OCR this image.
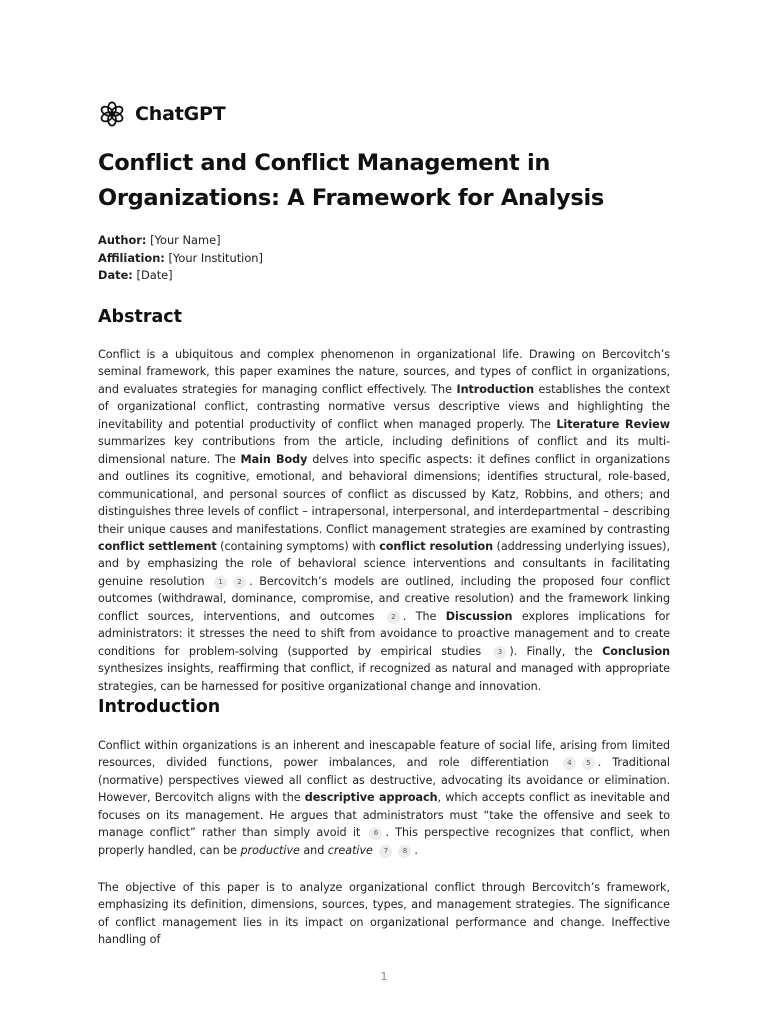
ChatGPT
Conflict and Conflict Management in Organizations: A Framework for Analysis
Author: [Your Name]
Affiliation: [Your Institution]
Date: [Date]
Abstract

Conflict is a ubiquitous and complex phenomenon in organizational life. Drawing on Bercovitch’s seminal framework, this paper examines the nature, sources, and types of conflict in organizations, and evaluates strategies for managing conflict effectively. The Introduction establishes the context of organizational conflict, contrasting normative versus descriptive views and highlighting the inevitability and potential productivity of conflict when managed properly. The Literature Review summarizes key contributions from the article, including definitions of conflict and its multi-dimensional nature. The Main Body delves into specific aspects: it defines conflict in organizations and outlines its cognitive, emotional, and behavioral dimensions; identifies structural, role-based, communicational, and personal sources of conflict as discussed by Katz, Robbins, and others; and distinguishes three levels of conflict – intrapersonal, interpersonal, and interdepartmental – describing their unique causes and manifestations. Conflict management strategies are examined by contrasting conflict settlement (containing symptoms) with conflict resolution (addressing underlying issues), and by emphasizing the role of behavioral science interventions and consultants in facilitating genuine resolution 1 2 . Bercovitch’s models are outlined, including the proposed four conflict outcomes (withdrawal, dominance, compromise, and creative resolution) and the framework linking conflict sources, interventions, and outcomes 2 . The Discussion explores implications for administrators: it stresses the need to shift from avoidance to proactive management and to create conditions for problem-solving (supported by empirical studies 3 ). Finally, the Conclusion synthesizes insights, reaffirming that conflict, if recognized as natural and managed with appropriate strategies, can be harnessed for positive organizational change and innovation.

Introduction

Conflict within organizations is an inherent and inescapable feature of social life, arising from limited resources, divided functions, power imbalances, and role differentiation	4 5 . Traditional (normative) perspectives viewed all conflict as destructive, advocating its avoidance or elimination. However, Bercovitch aligns with the descriptive approach, which accepts conflict as inevitable and focuses on its management. He argues that administrators must “take the offensive and seek to manage conflict” rather than simply avoid it 6 . This perspective recognizes that conflict, when properly handled, can be productive and creative 7 8 .

The objective of this paper is to analyze organizational conflict through Bercovitch’s framework, emphasizing its definition, dimensions, sources, types, and management strategies. The significance of conflict management lies in its impact on organizational performance and change. Ineffective handling of

1
